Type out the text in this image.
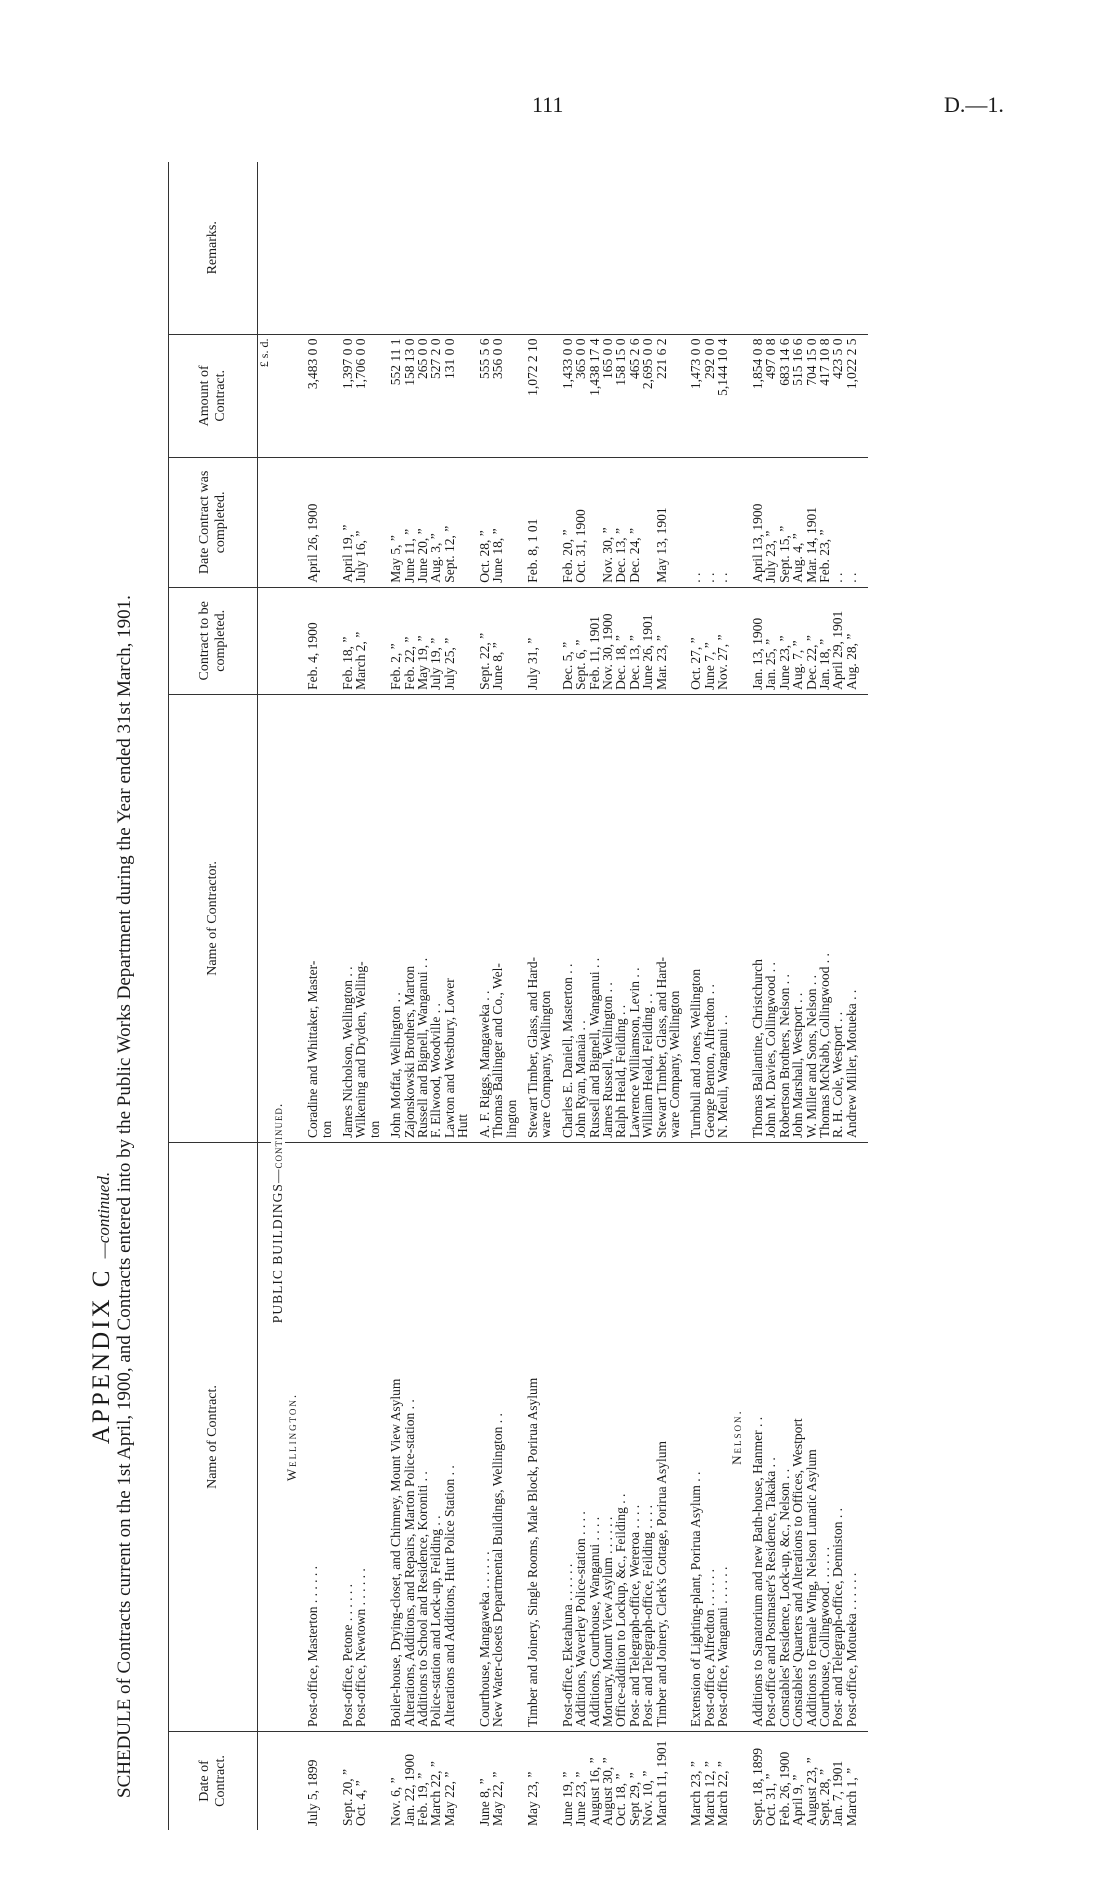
111	D.—1.
APPENDIX C —continued. SCHEDULE of Contracts current on the 1st April, 1900, and Contracts entered into by the Public Works Department during the Year ended 31st March, 1901.	Date of Contract.	Name of Contract.	Name of Contractor.	Contract to be completed.	Date Contract was completed.	Amount of Contract.	Remarks.
					£ s. d.	
	PUBLIC BUILDINGS—continued.					
	Wellington.					

July 5, 1899	Post-office, Masterton . . . . . .	Coradine and Whittaker, Master-	Feb. 4, 1900	April 26, 1900	3,483 0 0	
		ton				

Sept. 20, ”	Post-office, Petone . . . . . .	James Nicholson, Wellington . .	Feb. 18, ”	April 19, ”	1,397 0 0	
Oct. 4, ”	Post-office, Newtown . . . . . .	Wilkening and Dryden, Welling-	March 2, ”	July 16, ”	1,706 0 0	
		ton				

Nov. 6, ”	Boiler-house, Drying-closet, and Chimney, Mount View Asylum	John Moffat, Wellington . .	Feb. 2, ”	May 5, ”	552 11 1	
Jan. 22, 1900	Alterations, Additions, and Repairs, Marton Police-station . .	Zajonskowski Brothers, Marton	Feb. 22, ”	June 11, ”	158 13 0	
Feb. 19, ”	Additions to School and Residence, Koroniti . .	Russell and Bignell, Wanganui . .	May 19, ”	June 20, ”	265 0 0	
March 22, ”	Police-station and Lock-up, Feilding . .	F. Ellwood, Woodville . .	July 19, ”	Aug. 3, ”	527 2 0	
May 22, ”	Alterations and Additions, Hutt Police Station . .	Lawton and Westbury, Lower	July 25, ”	Sept. 12, ”	131 0 0	
		Hutt				

June 8, ”	Courthouse, Mangaweka . . . . . .	A. F. Riggs, Mangaweka . .	Sept. 22, ”	Oct. 28, ”	555 5 6	
May 22, ”	New Water-closets Departmental Buildings, Wellington . .	Thomas Ballinger and Co., Wel-	June 8, ”	June 18, ”	356 0 0	
		lington				

May 23, ”	Timber and Joinery, Single Rooms, Male Block, Porirua Asylum	Stewart Timber, Glass, and Hard-	July 31, ”	Feb. 8, 1 01	1,072 2 10	
		ware Company, Wellington				

June 19, ”	Post-office, Eketahuna . . . . . .	Charles E. Daniell, Masterton . .	Dec. 5, ”	Feb. 20, ”	1,433 0 0	
June 23, ”	Additions, Waverley Police-station . . . .	John Ryan, Manaia . .	Sept. 6, ”	Oct. 31, 1900	365 0 0	
August 16, ”	Additions, Courthouse, Wanganui . . . .	Russell and Bignell, Wanganui . .	Feb. 11, 1901		1,438 17 4	
August 30, ”	Mortuary, Mount View Asylum . . . . . .	James Russell, Wellington . .	Nov. 30, 1900	Nov. 30, ”	165 0 0	
Oct. 18, ”	Office-addition to Lockup, &c., Feilding . .	Ralph Heald, Feilding . .	Dec. 18, ”	Dec. 13, ”	158 15 0	
Sept 29, ”	Post- and Telegraph-office, Wererоa . . . .	Lawrence Williamson, Levin . .	Dec. 13, ”	Dec. 24, ”	465 2 6	
Nov. 10, ”	Post- and Telegraph-office, Feilding . . . .	William Heald, Feilding . .	June 26, 1901		2,695 0 0	
March 11, 1901	Timber and Joinery, Clerk's Cottage, Porirua Asylum	Stewart Timber, Glass, and Hard-	Mar. 23, ”	May 13, 1901	221 6 2	
		ware Company, Wellington				

March 23, ”	Extension of Lighting-plant, Porirua Asylum . .	Turnbull and Jones, Wellington	Oct. 27, ”	. .	1,473 0 0	
March 12, ”	Post-office, Alfredton . . . . . .	George Benton, Alfredton . .	June 7, ”	. .	292 0 0	
March 22, ”	Post-office, Wanganui . . . . . .	N. Meuli, Wanganui . .	Nov. 27, ”	. .	5,144 10 4	
	Nelson.					

Sept. 18, 1899	Additions to Sanatorium and new Bath-house, Hanmer . .	Thomas Ballantine, Christchurch	Jan. 13, 1900	April 13, 1900	1,854 0 8	
Oct. 31, ”	Post-office and Postmaster's Residence, Takaka . .	John M. Davies, Collingwood . .	Jan. 25, ”	July 23, ”	497 0 8	
Feb. 26, 1900	Constables' Residence, Lock-up, &c., Nelson . .	Robertson Brothers, Nelson . .	June 23, ”	Sept. 15, ”	683 14 6	
April 9, ”	Constables' Quarters and Alterations to Offices, Westport	John Marshall, Westport . .	Aug. 7, ”	Aug. 4, ”	515 16 6	
August 23, ”	Additions to Female Wing, Nelson Lunatic Asylum	W. Miller and Sons, Nelson . .	Dec. 22, ”	Mar. 14, 1901	704 15 0	
Sept. 28, ”	Courthouse, Collingwood . . . . . .	Thomas McNabb, Collingwood . .	Jan. 18, ”	Feb. 23, ”	417 10 8	
Jan. 7, 1901	Post- and Telegraph-office, Denniston . .	R. H. Cole, Westport . .	April 29, 1901	. .	423 5 0	
March 1, ”	Post-office, Motueka . . . . . .	Andrew Miller, Motueka . .	Aug. 28, ”	. .	1,022 2 5	
